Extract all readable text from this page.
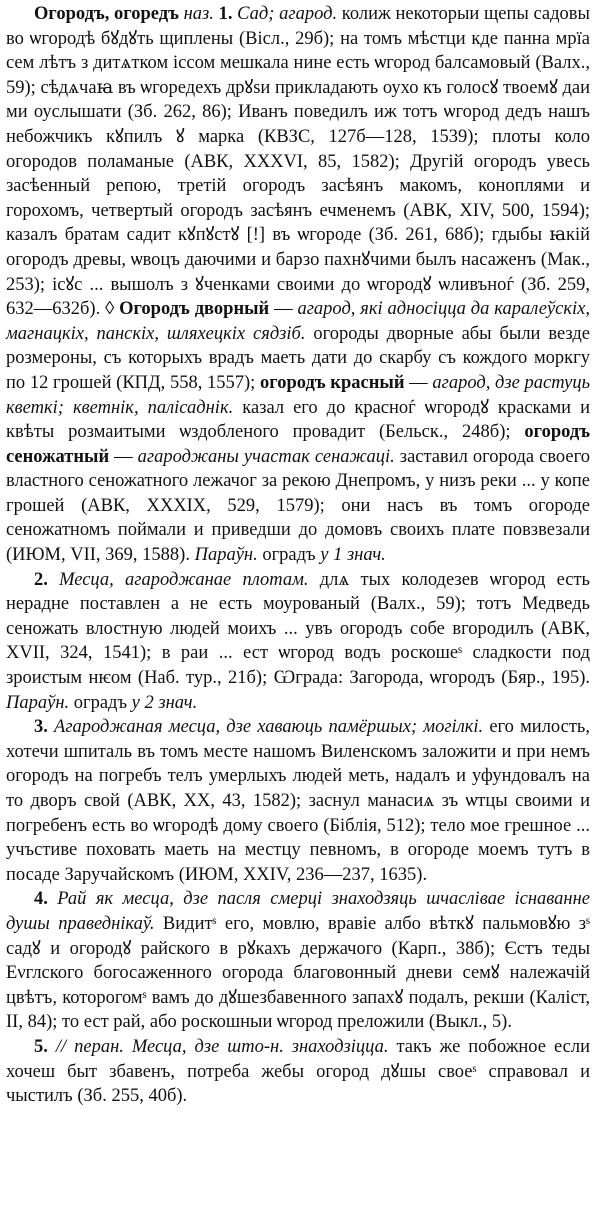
Огородъ, огоредъ наз. 1. Сад; агарод. колиж некоторыи щепы садовы во ѡгородѣ бꙋдꙋть щиплены (Вісл., 29б); на томъ мѣстци кде панна мрїа сем лѣтъ з дитѧтком іссом мешкала нине есть ѡгород балсамовый (Валх., 59); сѣдѧчаꙗ въ ѡгоредехъ дрꙋѕи прикладають оухо къ голосꙋ твоемꙋ даи ми оуслышати (Зб. 262, 86); Иванъ поведилъ иж тотъ ѡгород дедъ нашъ небожчикъ кꙋпилъ ꙋ марка (КВЗС, 127б—128, 1539); плоты коло огородов поламаные (АВК, XXXVI, 85, 1582); Другій огородъ увесь засѣенный репою, третій огородъ засѣянъ макомъ, коноплями и горохомъ, четвертый огородъ засѣянъ ечменемъ (АВК, XIV, 500, 1594); казалъ братам садит кꙋпꙋстꙋ [!] въ ѡгороде (Зб. 261, 68б); гдыбы ꙗкій огородъ древы, ѡвоцъ даючими и барзо пахнꙋчими былъ насаженъ (Мак., 253); ісꙋс ... вышолъ з ꙋченками своими до ѡгородꙋ ѡливъноѓ (Зб. 259, 632—632б). ◊ Огородъ дворный — агарод, які адносіцца да каралеўскіх, магнацкіх, панскіх, шляхецкіх сядзіб. огороды дворные абы были везде розмероны, съ которыхъ врадъ маеть дати до скарбу съ кождого моркгу по 12 грошей (КПД, 558, 1557); огородъ красный — агарод, дзе растуць кветкі; кветнік, палісаднік. казал его до красноѓ ѡгородꙋ красками и квѣты розмаитыми ѡздобленого провадит (Бельск., 248б); огородъ сеножатный — агароджаны участак сенажаці. заставил огорода своего властного сеножатного лежачог за рекою Днепромъ, у низъ реки ... у копе грошей (АВК, XXXIX, 529, 1579); они насъ въ томъ огороде сеножатномъ поймали и приведши до домовъ своихъ плате повзвезали (ИЮМ, VII, 369, 1588). Параўн. оградъ у 1 знач.

2. Месца, агароджанае плотам. длѧ тых колодезев ѡгород есть нераднe поставлен а не есть моурованый (Валх., 59); тотъ Медведь сеножать влостную людей моихъ ... увъ огородъ собе вгородилъ (АВК, XVII, 324, 1541); в раи ... ест ѡгород водъ роскошеˢ сладкости под зроистым нѥом (Наб. тур., 21б); Ѡграда: Загорода, ѡгородъ (Бяр., 195). Параўн. оградъ у 2 знач.

3. Агароджаная месца, дзе хаваюць памёршых; могілкі. его милость, хотечи шпиталь въ томъ месте нашомъ Виленскомъ заложити и при немъ огородъ на погребъ телъ умерлыхъ людей меть, надалъ и уфундовалъ на то дворъ свой (АВК, XX, 43, 1582); заснул манасиѧ зъ ѡтцы своими и погребенъ есть во ѡгородѣ дому своего (Біблія, 512); тело мое грешное ... учъстиве поховать маеть на местцу певномъ, в огороде моемъ тутъ в посаде Заручайскомъ (ИЮМ, XXIV, 236—237, 1635).

4. Рай як месца, дзе пасля смерці знаходзяць шчаслівае існаванне душы праведнікаў. Видитˢ его, мовлю, вравіе албо вѣткꙋ пальмовꙋю зˢ садꙋ и огородꙋ райского в рꙋкахъ держачого (Карп., 38б); Єстъ теды Eνглского богосаженного огорода благовонный дневи семꙋ належачій цвѣтъ, которогомˢ вамъ до дꙋшезбавенного запахꙋ подалъ, рекши (Каліст, II, 84); то ест рай, або роскошныи ѡгород преложили (Выкл., 5).

5. // перан. Месца, дзе што-н. знаходзіцца. такъ же побожное если хочеш быт збавенъ, потреба жебы огород дꙋшы своеˢ справовал и чыстилъ (Зб. 255, 40б).
